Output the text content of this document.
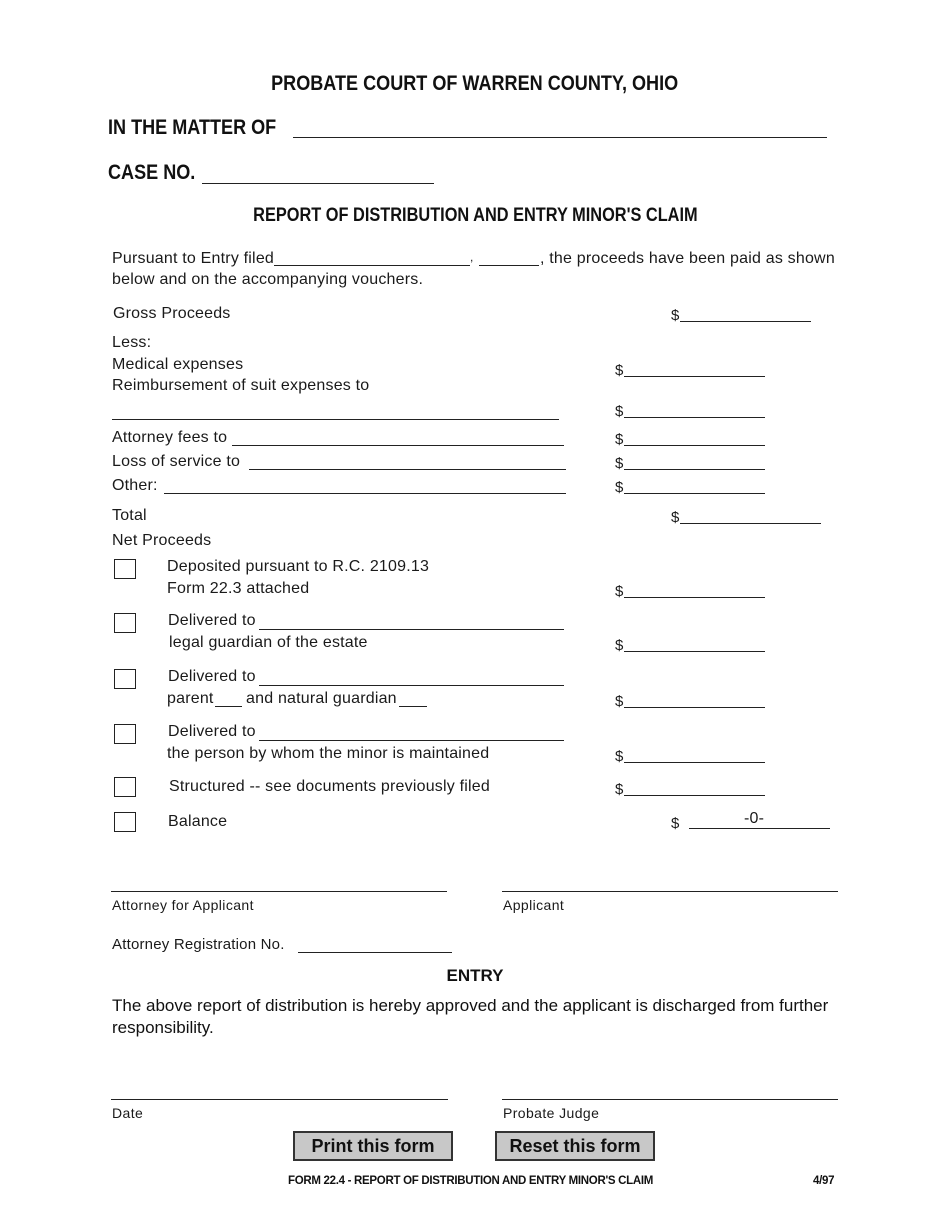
PROBATE COURT OF WARREN COUNTY, OHIO
IN THE MATTER OF
CASE NO.
REPORT OF DISTRIBUTION AND ENTRY MINOR'S CLAIM
Pursuant to Entry filed	,	, the proceeds have been paid as shown
below and on the accompanying vouchers.
Gross Proceeds	$
Less:
Medical expenses	$
Reimbursement of suit expenses to
$
Attorney fees to	$
Loss of service to	$
Other:	$
Total	$
Net Proceeds
Deposited pursuant to R.C. 2109.13
Form 22.3 attached	$
Delivered to
legal guardian of the estate	$
Delivered to
parent and natural guardian	$
Delivered to
the person by whom the minor is maintained	$
Structured -- see documents previously filed	$
Balance	$	-0-
Attorney for Applicant	Applicant
Attorney Registration No.
ENTRY
The above report of distribution is hereby approved and the applicant is discharged from further
responsibility.
Date	Probate Judge
Print this form	Reset this form
FORM 22.4 - REPORT OF DISTRIBUTION AND ENTRY MINOR'S CLAIM	4/97
